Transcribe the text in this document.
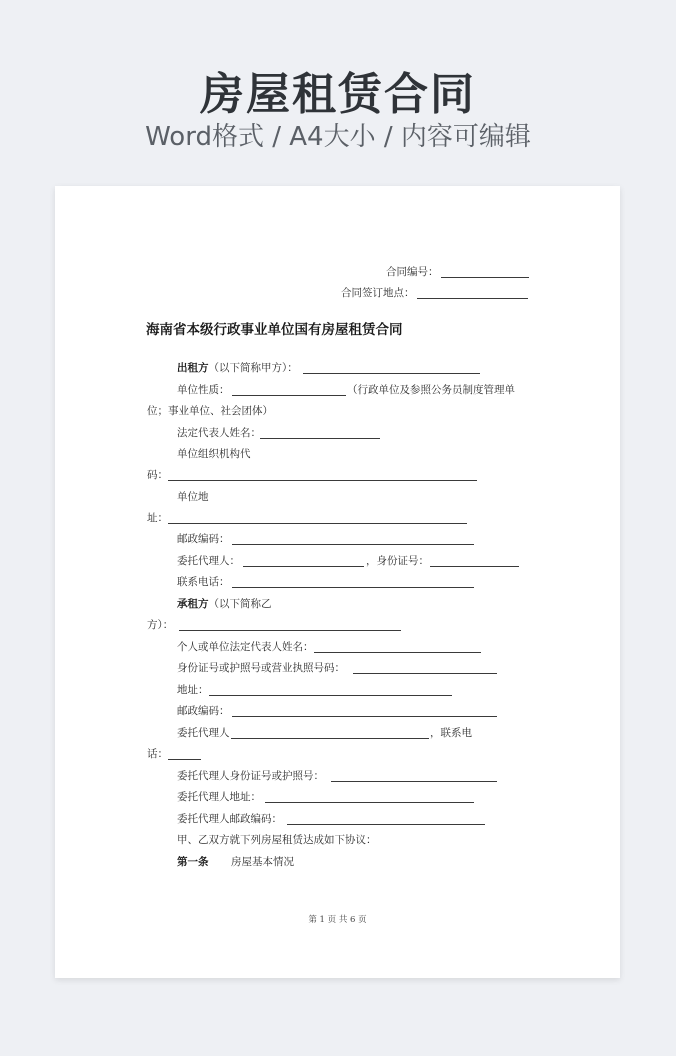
房屋租赁合同
Word格式 / A4大小 / 内容可编辑
合同编号：
合同签订地点：
海南省本级行政事业单位国有房屋租赁合同
出租方（以下简称甲方）：
单位性质：	（行政单位及参照公务员制度管理单
位；事业单位、社会团体）
法定代表人姓名：
单位组织机构代
码：
单位地
址：
邮政编码：
委托代理人：	，身份证号：
联系电话：
承租方（以下简称乙
方）：
个人或单位法定代表人姓名：
身份证号或护照号或营业执照号码：
地址：
邮政编码：
委托代理人	，联系电
话：
委托代理人身份证号或护照号：
委托代理人地址：
委托代理人邮政编码：
甲、乙双方就下列房屋租赁达成如下协议：
第一条 房屋基本情况
第 1 页 共 6 页
